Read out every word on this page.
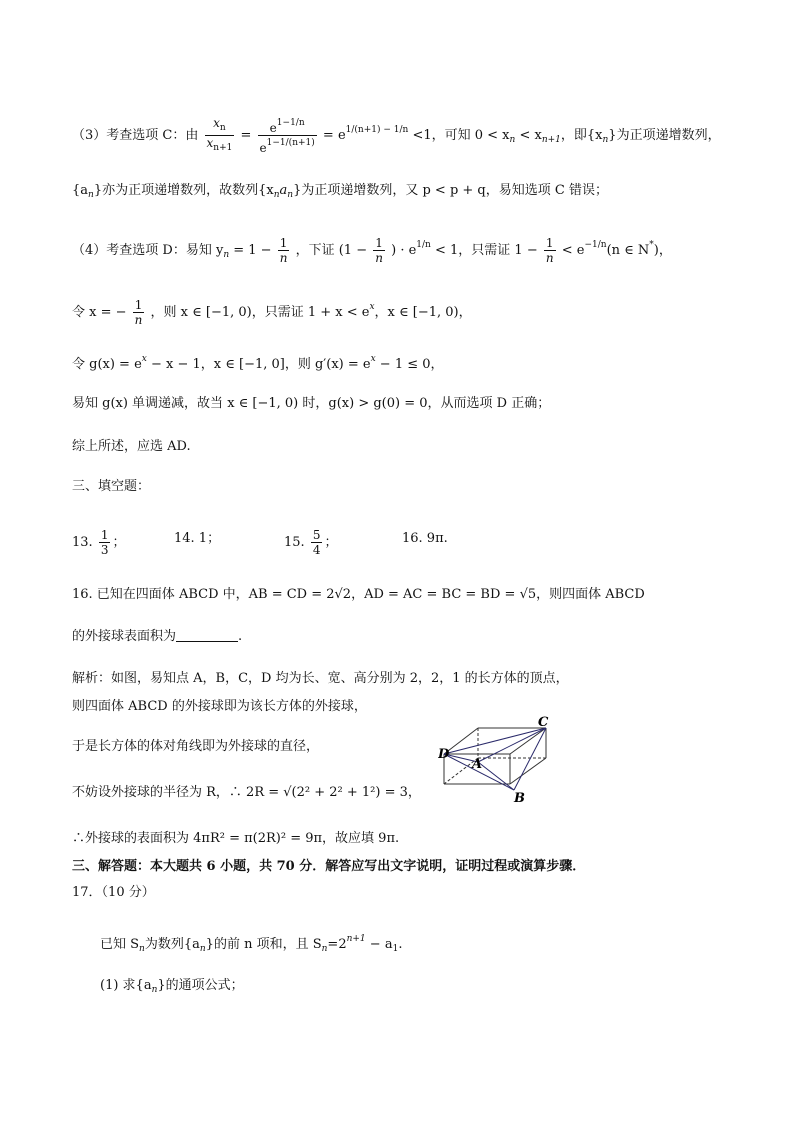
（3）考查选项 C：由 $\frac{x_n}{x_{n+1}} = \frac{e^{1-1/n}}{e^{1-1/(n+1)}} = e^{1/(n+1) - 1/n} <1$，可知 $0 < x_n < x_{n+1}$，即$\{x_n\}$为正项递增数列，
$\{a_n\}$亦为正项递增数列，故数列$\{x_na_n\}$为正项递增数列，又 p < p + q，易知选项 C 错误；
（4）考查选项 D：易知 $y_n = 1 - \frac{1}{n}$ ，下证 ($1 - \frac{1}{n}$ ) · $e^{1/n} < 1$，只需证 $1 - \frac{1}{n} < e^{-1/n}(n$ ∈ N*)，
令 x = − $\frac{1}{n}$ ，则 x ∈ [−1, 0)，只需证 $1 + x < e^x$，x ∈ [−1, 0)，
令 $g(x) = e^x - x - 1$，x ∈ [−1, 0]，则 $g'(x) = e^x - 1 \le 0$，
易知 g(x) 单调递减，故当 x ∈ [−1, 0) 时，g(x) > g(0) = 0，从而选项 D 正确；
综上所述，应选 AD.
三、填空题：
13. $\frac{1}{3}$ ；	14. 1；	15. $\frac{5}{4}$ ；	16. 9π.
16. 已知在四面体 ABCD 中，AB = CD = 2√2，AD = AC = BC = BD = √5，则四面体 ABCD
的外接球表面积为	.
解析：如图，易知点 A，B，C，D 均为长、宽、高分别为 2，2，1 的长方体的顶点，
则四面体 ABCD 的外接球即为该长方体的外接球，
于是长方体的体对角线即为外接球的直径，
不妨设外接球的半径为 R，∴ 2R = √(2² + 2² + 1²) = 3，
∴外接球的表面积为 4πR² = π(2R)² = 9π，故应填 9π.
D
A
B
C
三、解答题：本大题共 6 小题，共 70 分．解答应写出文字说明，证明过程或演算步骤．
17．（10 分）
已知 $S_n$为数列$\{a_n\}$的前 n 项和，且 $S_n=2^{n+1} - a_1$.
(1) 求$\{a_n\}$的通项公式；
